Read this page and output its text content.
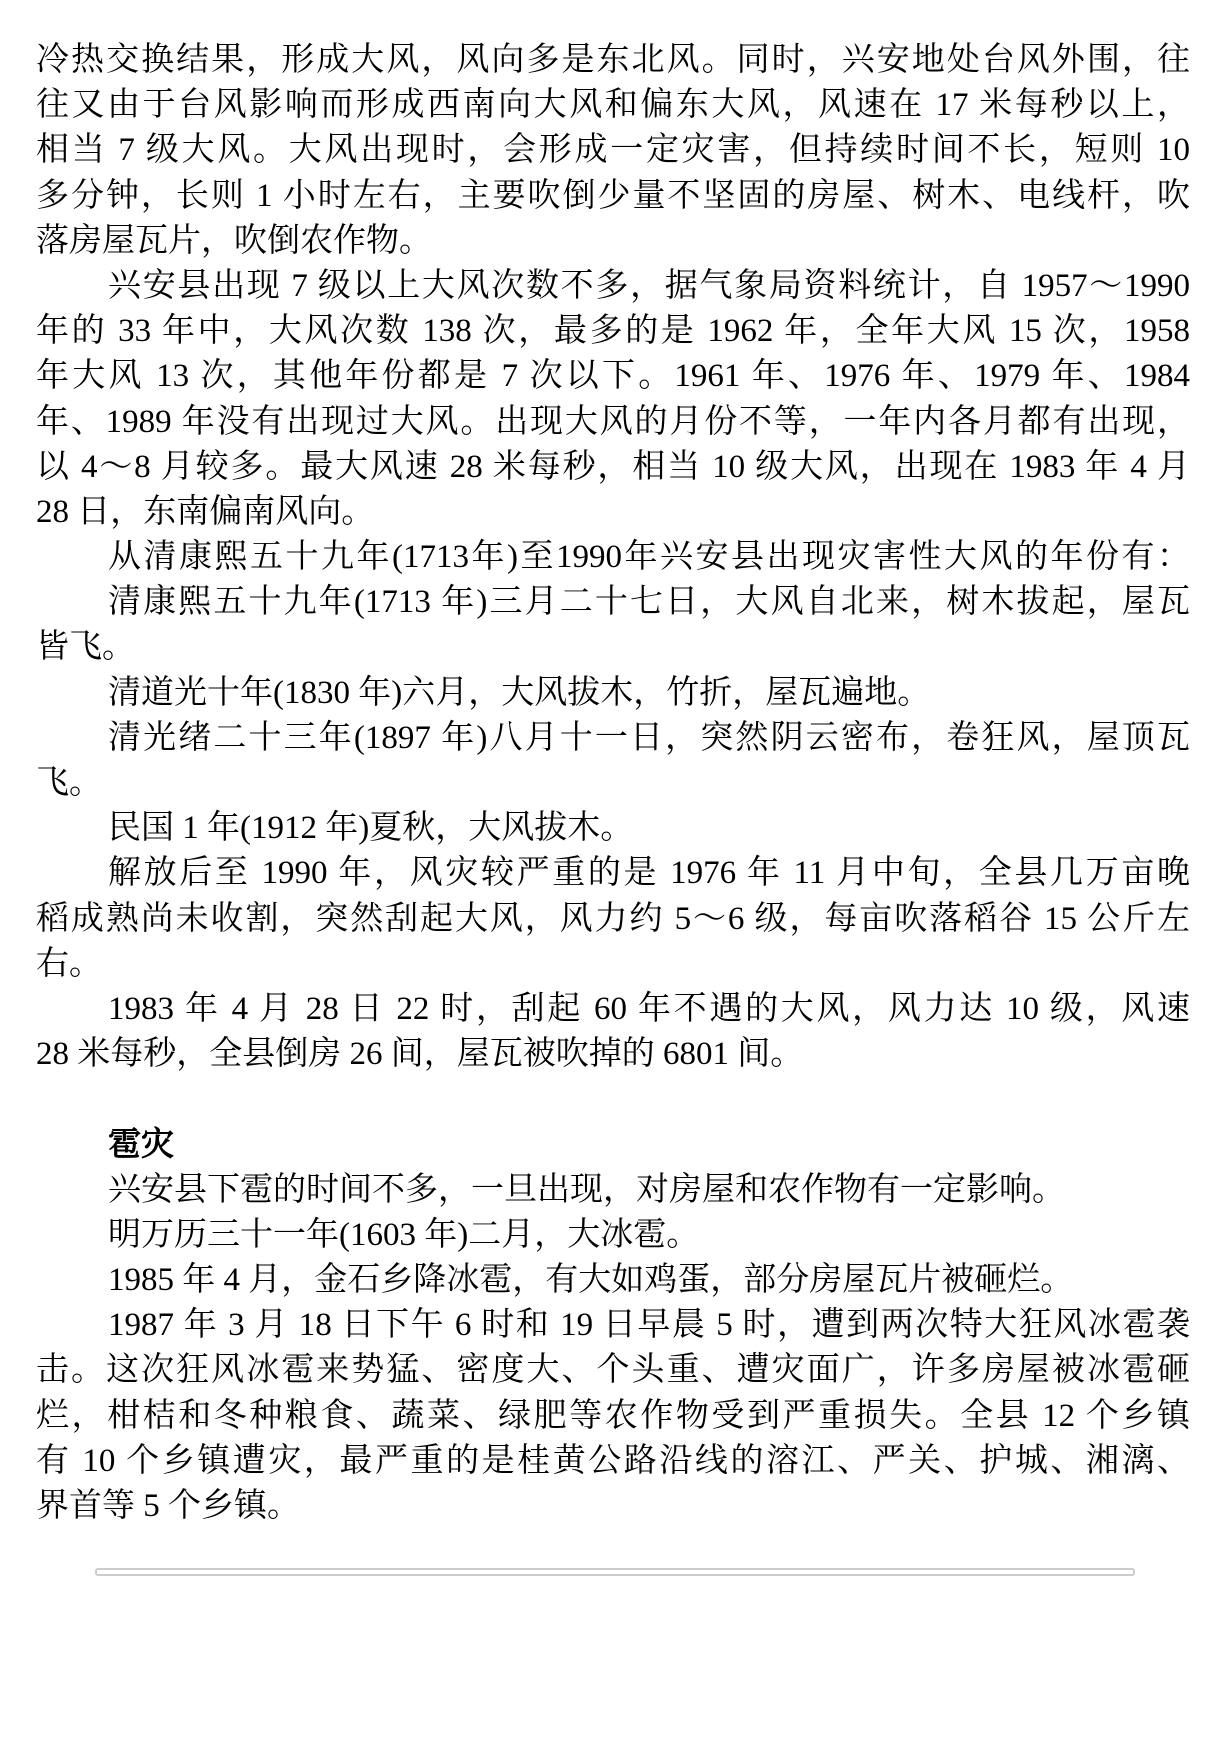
冷热交换结果，形成大风，风向多是东北风。同时，兴安地处台风外围，往
往又由于台风影响而形成西南向大风和偏东大风，风速在 17 米每秒以上，
相当 7 级大风。大风出现时，会形成一定灾害，但持续时间不长，短则 10
多分钟，长则 1 小时左右，主要吹倒少量不坚固的房屋、树木、电线杆，吹
落房屋瓦片，吹倒农作物。
兴安县出现 7 级以上大风次数不多，据气象局资料统计，自 1957～1990
年的 33 年中，大风次数 138 次，最多的是 1962 年，全年大风 15 次，1958
年大风 13 次，其他年份都是 7 次以下。1961 年、1976 年、1979 年、1984
年、1989 年没有出现过大风。出现大风的月份不等，一年内各月都有出现，
以 4～8 月较多。最大风速 28 米每秒，相当 10 级大风，出现在 1983 年 4 月
28 日，东南偏南风向。
从清康熙五十九年(1713年)至1990年兴安县出现灾害性大风的年份有：
清康熙五十九年(1713 年)三月二十七日，大风自北来，树木拔起，屋瓦
皆飞。
清道光十年(1830 年)六月，大风拔木，竹折，屋瓦遍地。
清光绪二十三年(1897 年)八月十一日，突然阴云密布，卷狂风，屋顶瓦
飞。
民国 1 年(1912 年)夏秋，大风拔木。
解放后至 1990 年，风灾较严重的是 1976 年 11 月中旬，全县几万亩晚
稻成熟尚未收割，突然刮起大风，风力约 5～6 级，每亩吹落稻谷 15 公斤左
右。
1983 年 4 月 28 日 22 时，刮起 60 年不遇的大风，风力达 10 级，风速
28 米每秒，全县倒房 26 间，屋瓦被吹掉的 6801 间。
雹灾
兴安县下雹的时间不多，一旦出现，对房屋和农作物有一定影响。
明万历三十一年(1603 年)二月，大冰雹。
1985 年 4 月，金石乡降冰雹，有大如鸡蛋，部分房屋瓦片被砸烂。
1987 年 3 月 18 日下午 6 时和 19 日早晨 5 时，遭到两次特大狂风冰雹袭
击。这次狂风冰雹来势猛、密度大、个头重、遭灾面广，许多房屋被冰雹砸
烂，柑桔和冬种粮食、蔬菜、绿肥等农作物受到严重损失。全县 12 个乡镇
有 10 个乡镇遭灾，最严重的是桂黄公路沿线的溶江、严关、护城、湘漓、
界首等 5 个乡镇。
